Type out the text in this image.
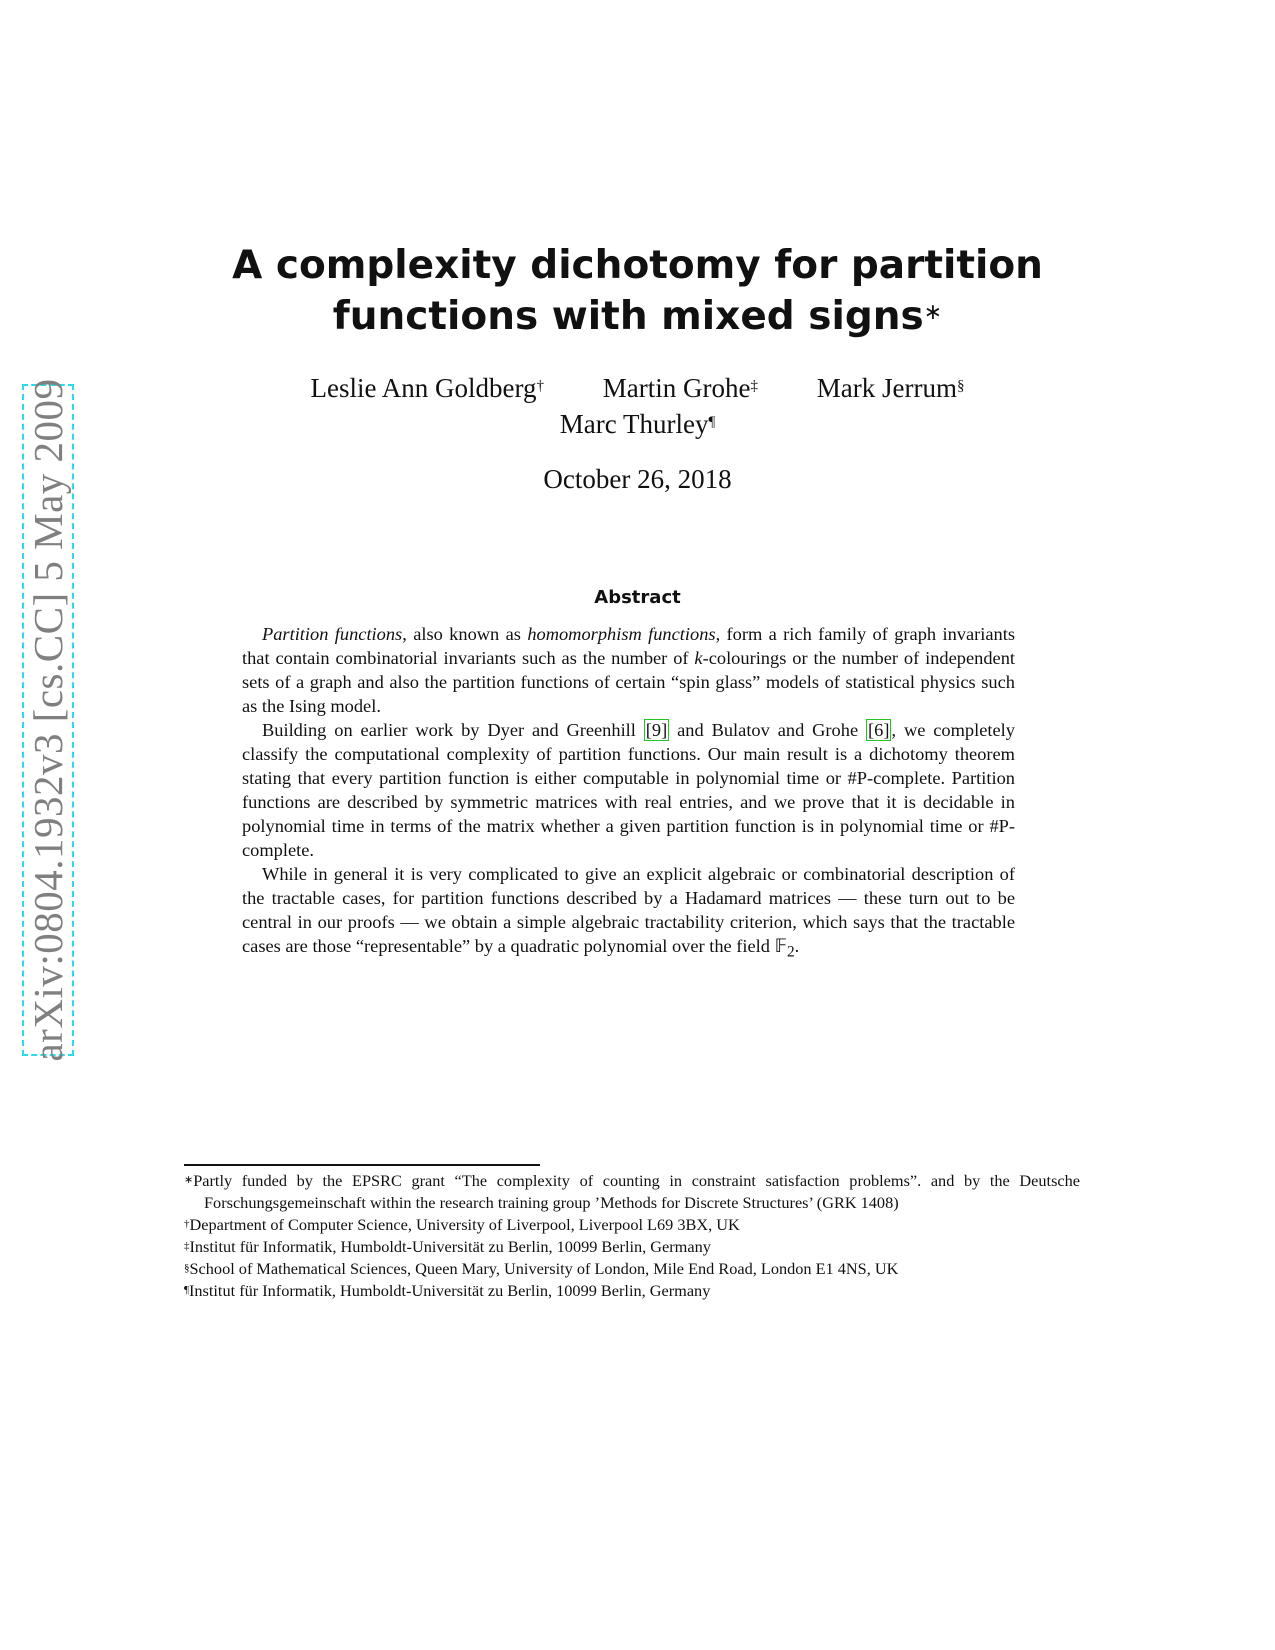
arXiv:0804.1932v3 [cs.CC] 5 May 2009
A complexity dichotomy for partition
functions with mixed signs∗
Leslie Ann Goldberg† Martin Grohe‡ Mark Jerrum§
Marc Thurley¶
October 26, 2018
Abstract

Partition functions, also known as homomorphism functions, form a rich family of graph invariants that contain combinatorial invariants such as the number of k-colourings or the number of independent sets of a graph and also the partition functions of certain “spin glass” models of statistical physics such as the Ising model.

Building on earlier work by Dyer and Greenhill [9] and Bulatov and Grohe [6] , we completely classify the computational complexity of partition functions. Our main result is a dichotomy theorem stating that every partition function is either computable in polynomial time or #P-complete. Partition functions are described by symmetric matrices with real entries, and we prove that it is decidable in polynomial time in terms of the matrix whether a given partition function is in polynomial time or #P-complete.

While in general it is very complicated to give an explicit algebraic or combinatorial description of the tractable cases, for partition functions described by a Hadamard matrices — these turn out to be central in our proofs — we obtain a simple algebraic tractability criterion, which says that the tractable cases are those “representable” by a quadratic polynomial over the field 𝔽$_2$.

∗Partly funded by the EPSRC grant “The complexity of counting in constraint satisfaction problems”. and by the Deutsche Forschungsgemeinschaft within the research training group ’Methods for Discrete Structures’ (GRK 1408)

†Department of Computer Science, University of Liverpool, Liverpool L69 3BX, UK

‡Institut für Informatik, Humboldt-Universität zu Berlin, 10099 Berlin, Germany

§School of Mathematical Sciences, Queen Mary, University of London, Mile End Road, London E1 4NS, UK

¶Institut für Informatik, Humboldt-Universität zu Berlin, 10099 Berlin, Germany
